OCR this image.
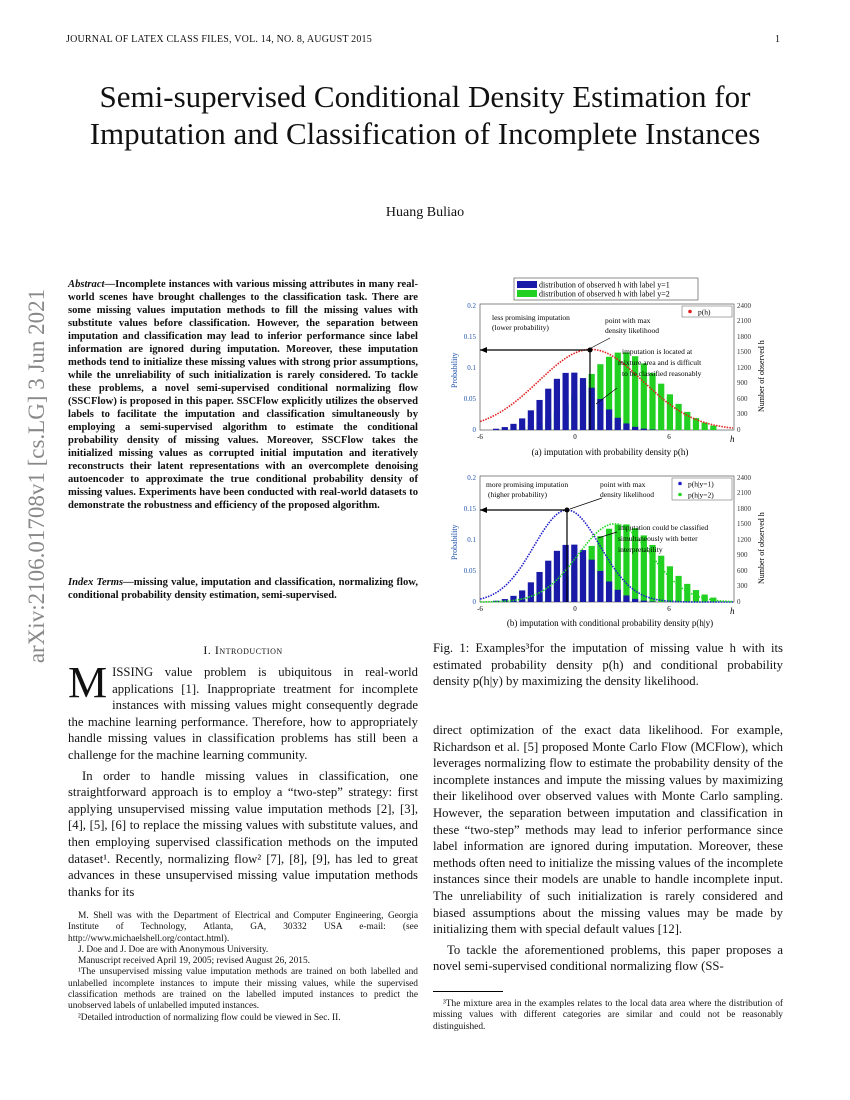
JOURNAL OF LATEX CLASS FILES, VOL. 14, NO. 8, AUGUST 2015	1
Semi-supervised Conditional Density Estimation for Imputation and Classification of Incomplete Instances
Huang Buliao
arXiv:2106.01708v1 [cs.LG] 3 Jun 2021
Abstract—Incomplete instances with various missing attributes in many real-world scenes have brought challenges to the classification task. There are some missing values imputation methods to fill the missing values with substitute values before classification. However, the separation between imputation and classification may lead to inferior performance since label information are ignored during imputation. Moreover, these imputation methods tend to initialize these missing values with strong prior assumptions, while the unreliability of such initialization is rarely considered. To tackle these problems, a novel semi-supervised conditional normalizing flow (SSCFlow) is proposed in this paper. SSCFlow explicitly utilizes the observed labels to facilitate the imputation and classification simultaneously by employing a semi-supervised algorithm to estimate the conditional probability density of missing values. Moreover, SSCFlow takes the initialized missing values as corrupted initial imputation and iteratively reconstructs their latent representations with an overcomplete denoising autoencoder to approximate the true conditional probability density of missing values. Experiments have been conducted with real-world datasets to demonstrate the robustness and efficiency of the proposed algorithm.
Index Terms—missing value, imputation and classification, normalizing flow, conditional probability density estimation, semi-supervised.
I. Introduction

MISSING value problem is ubiquitous in real-world applications [1]. Inappropriate treatment for incomplete instances with missing values might consequently degrade the machine learning performance. Therefore, how to appropriately handle missing values in classification problems has still been a challenge for the machine learning community.

In order to handle missing values in classification, one straightforward approach is to employ a “two-step” strategy: first applying unsupervised missing value imputation methods [2], [3], [4], [5], [6] to replace the missing values with substitute values, and then employing supervised classification methods on the imputed dataset¹. Recently, normalizing flow² [7], [8], [9], has led to great advances in these unsupervised missing value imputation methods thanks for its

M. Shell was with the Department of Electrical and Computer Engineering, Georgia Institute of Technology, Atlanta, GA, 30332 USA e-mail: (see http://www.michaelshell.org/contact.html).

J. Doe and J. Doe are with Anonymous University.

Manuscript received April 19, 2005; revised August 26, 2015.

¹The unsupervised missing value imputation methods are trained on both labelled and unlabelled incomplete instances to impute their missing values, while the supervised classification methods are trained on the labelled imputed instances to predict the unobserved labels of unlabelled imputed instances.

²Detailed introduction of normalizing flow could be viewed in Sec. II.

distribution of observed h with label y=1
distribution of observed h with label y=2
0
0.05
0.1
0.15
0.2
0
300
600
900
1200
1500
1800
2100
2400
-6	0	6	h
Probability	Number of observed h
p(h)
less promising imputation
(lower probability)
point with max
density likelihood
imputation is located at
mixture area and is difficult
to be classified reasonably
(a) imputation with probability density p(h)
0
0.05
0.1
0.15
0.2
0
300
600
900
1200
1500
1800
2100
2400
-6	0	6	h
Probability	Number of observed h
p(h|y=1)
p(h|y=2)
more promising imputation
(higher probability)
point with max
density likelihood
imputation could be classified
simultaneously with better
interpretability
(b) imputation with conditional probability density p(h|y)
Fig. 1: Examples³for the imputation of missing value h with its estimated probability density p(h) and conditional probability density p(h|y) by maximizing the density likelihood.

direct optimization of the exact data likelihood. For example, Richardson et al. [5] proposed Monte Carlo Flow (MCFlow), which leverages normalizing flow to estimate the probability density of the incomplete instances and impute the missing values by maximizing their likelihood over observed values with Monte Carlo sampling. However, the separation between imputation and classification in these “two-step” methods may lead to inferior performance since label information are ignored during imputation. Moreover, these methods often need to initialize the missing values of the incomplete instances since their models are unable to handle incomplete input. The unreliability of such initialization is rarely considered and biased assumptions about the missing values may be made by initializing them with special default values [12].

To tackle the aforementioned problems, this paper proposes a novel semi-supervised conditional normalizing flow (SS-

³The mixture area in the examples relates to the local data area where the distribution of missing values with different categories are similar and could not be reasonably distinguished.
